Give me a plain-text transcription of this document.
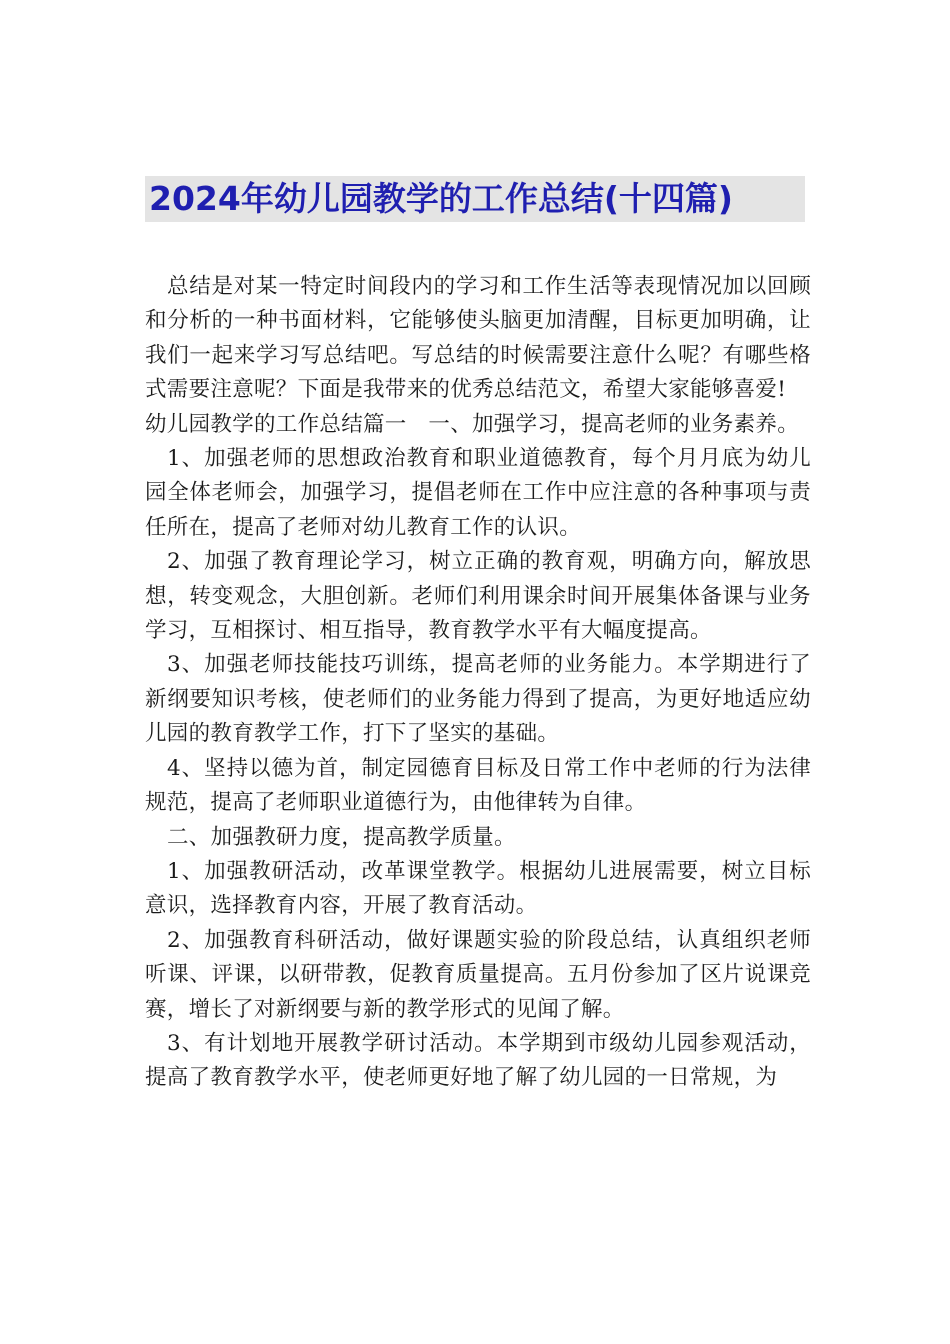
2024年幼儿园教学的工作总结(十四篇)

总结是对某一特定时间段内的学习和工作生活等表现情况加以回顾和分析的一种书面材料，它能够使头脑更加清醒，目标更加明确，让我们一起来学习写总结吧。写总结的时候需要注意什么呢？有哪些格式需要注意呢？下面是我带来的优秀总结范文，希望大家能够喜爱!

幼儿园教学的工作总结篇一　一、加强学习，提高老师的业务素养。

1、加强老师的思想政治教育和职业道德教育，每个月月底为幼儿园全体老师会，加强学习，提倡老师在工作中应注意的各种事项与责任所在，提高了老师对幼儿教育工作的认识。

2、加强了教育理论学习，树立正确的教育观，明确方向，解放思想，转变观念，大胆创新。老师们利用课余时间开展集体备课与业务学习，互相探讨、相互指导，教育教学水平有大幅度提高。

3、加强老师技能技巧训练，提高老师的业务能力。本学期进行了新纲要知识考核，使老师们的业务能力得到了提高，为更好地适应幼儿园的教育教学工作，打下了坚实的基础。

4、坚持以德为首，制定园德育目标及日常工作中老师的行为法律规范，提高了老师职业道德行为，由他律转为自律。

二、加强教研力度，提高教学质量。

1、加强教研活动，改革课堂教学。根据幼儿进展需要，树立目标意识，选择教育内容，开展了教育活动。

2、加强教育科研活动，做好课题实验的阶段总结，认真组织老师听课、评课，以研带教，促教育质量提高。五月份参加了区片说课竞赛，增长了对新纲要与新的教学形式的见闻了解。

3、有计划地开展教学研讨活动。本学期到市级幼儿园参观活动，提高了教育教学水平，使老师更好地了解了幼儿园的一日常规，为
